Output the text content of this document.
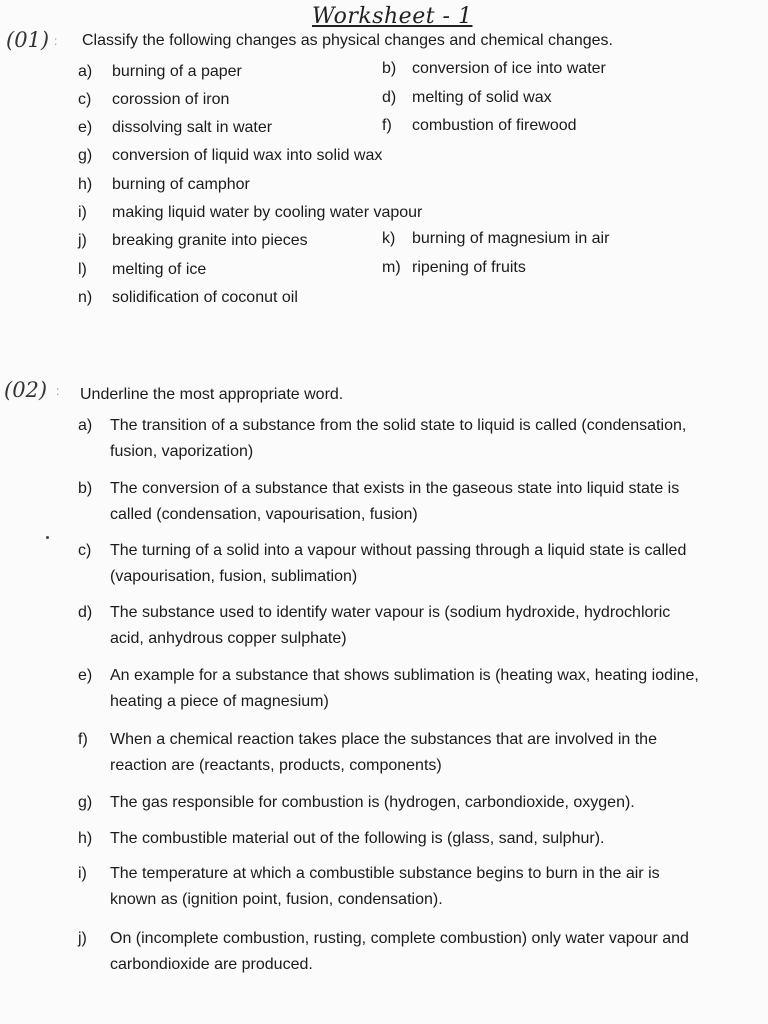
Worksheet - 1
(01) : Classify the following changes as physical changes and chemical changes.
a) burning of a paper
c) corossion of iron
e) dissolving salt in water
g) conversion of liquid wax into solid wax
h) burning of camphor
i) making liquid water by cooling water vapour
j) breaking granite into pieces
l) melting of ice
n) solidification of coconut oil
b) conversion of ice into water
d) melting of solid wax
f) combustion of firewood
k) burning of magnesium in air
m) ripening of fruits
(02) : Underline the most appropriate word.
a)	The transition of a substance from the solid state to liquid is called (condensation, fusion, vaporization)
b)	The conversion of a substance that exists in the gaseous state into liquid state is called (condensation, vapourisation, fusion)
c)	The turning of a solid into a vapour without passing through a liquid state is called (vapourisation, fusion, sublimation)
d)	The substance used to identify water vapour is (sodium hydroxide, hydrochloric acid, anhydrous copper sulphate)
e)	An example for a substance that shows sublimation is (heating wax, heating iodine, heating a piece of magnesium)
f)	When a chemical reaction takes place the substances that are involved in the reaction are (reactants, products, components)
g)	The gas responsible for combustion is (hydrogen, carbondioxide, oxygen).
h)	The combustible material out of the following is (glass, sand, sulphur).
i)	The temperature at which a combustible substance begins to burn in the air is known as (ignition point, fusion, condensation).
j)	On (incomplete combustion, rusting, complete combustion) only water vapour and carbondioxide are produced.
